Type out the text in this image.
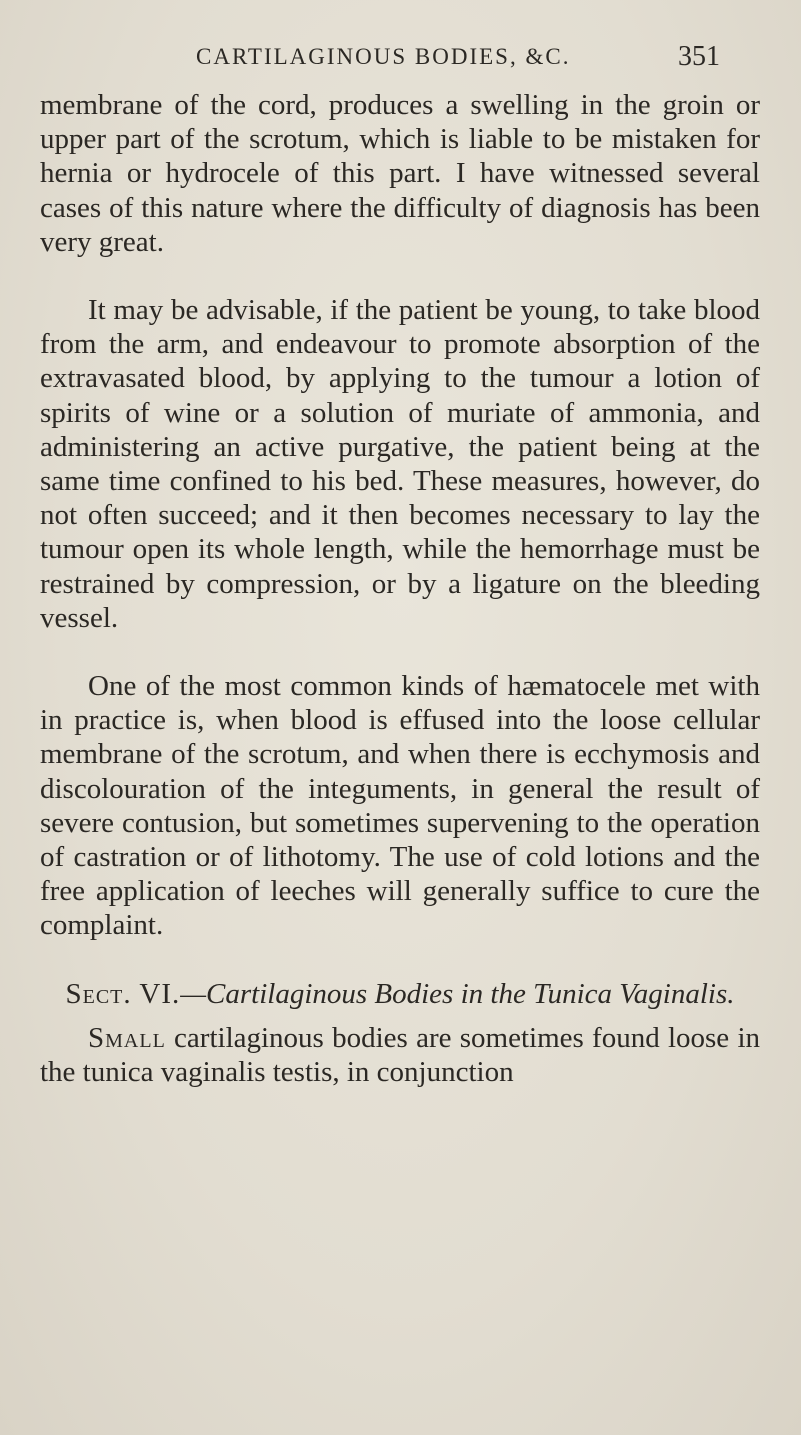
CARTILAGINOUS BODIES, &C.	351

membrane of the cord, produces a swelling in the groin or upper part of the scrotum, which is liable to be mistaken for hernia or hydrocele of this part. I have witnessed several cases of this nature where the difficulty of diagnosis has been very great.

It may be advisable, if the patient be young, to take blood from the arm, and endeavour to promote absorption of the extravasated blood, by applying to the tumour a lotion of spirits of wine or a solution of muriate of ammonia, and administering an active purgative, the patient being at the same time confined to his bed. These measures, however, do not often succeed; and it then becomes necessary to lay the tumour open its whole length, while the hemorrhage must be restrained by compression, or by a ligature on the bleeding vessel.

One of the most common kinds of hæmatocele met with in practice is, when blood is effused into the loose cellular membrane of the scrotum, and when there is ecchymosis and discolouration of the integuments, in general the result of severe contusion, but sometimes supervening to the operation of castration or of lithotomy. The use of cold lotions and the free application of leeches will generally suffice to cure the complaint.

Sect. VI.—Cartilaginous Bodies in the Tunica Vaginalis.

Small cartilaginous bodies are sometimes found loose in the tunica vaginalis testis, in conjunction
